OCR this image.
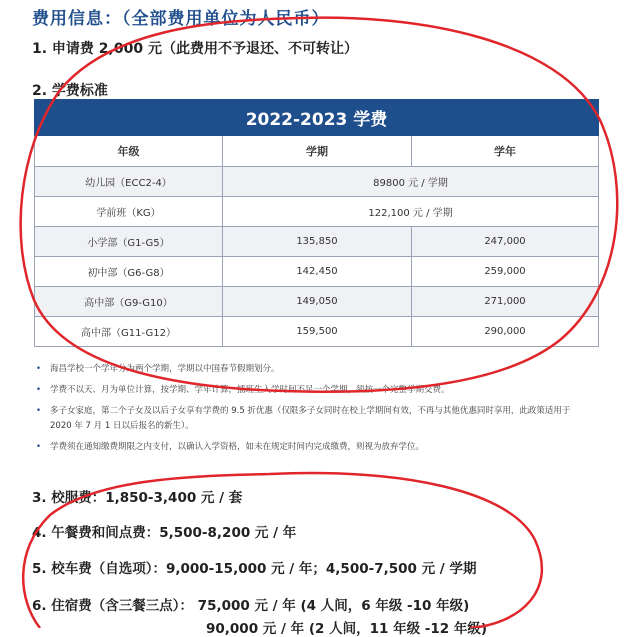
费用信息：（全部费用单位为人民币）
1. 申请费 2,000 元（此费用不予退还、不可转让）
2. 学费标准
2022-2023 学费		
年级	学期	学年
幼儿园（ECC2-4）	89800 元 / 学期	
学前班（KG）	122,100 元 / 学期	
小学部（G1-G5）	135,850	247,000
初中部（G6-G8）	142,450	259,000
高中部（G9-G10）	149,050	271,000
高中部（G11-G12）	159,500	290,000
• 海昌学校一个学年分为两个学期，学期以中国春节假期划分。
• 学费不以天、月为单位计算，按学期、学年计算，插班生入学时间不足一个学期，须按一个完整学期交费。
• 多子女家庭，第二个子女及以后子女享有学费的 9.5 折优惠（仅限多子女同时在校上学期间有效，不再与其他优惠同时享用，此政策适用于 2020 年 7 月 1 日以后报名的新生）。
• 学费须在通知缴费期限之内支付，以确认入学资格，如未在规定时间内完成缴费，则视为放弃学位。
3. 校服费：1,850-3,400 元 / 套
4. 午餐费和间点费：5,500-8,200 元 / 年
5. 校车费（自选项）：9,000-15,000 元 / 年；4,500-7,500 元 / 学期
6. 住宿费（含三餐三点）： 75,000 元 / 年 (4 人间，6 年级 -10 年级)
90,000 元 / 年 (2 人间，11 年级 -12 年级)
